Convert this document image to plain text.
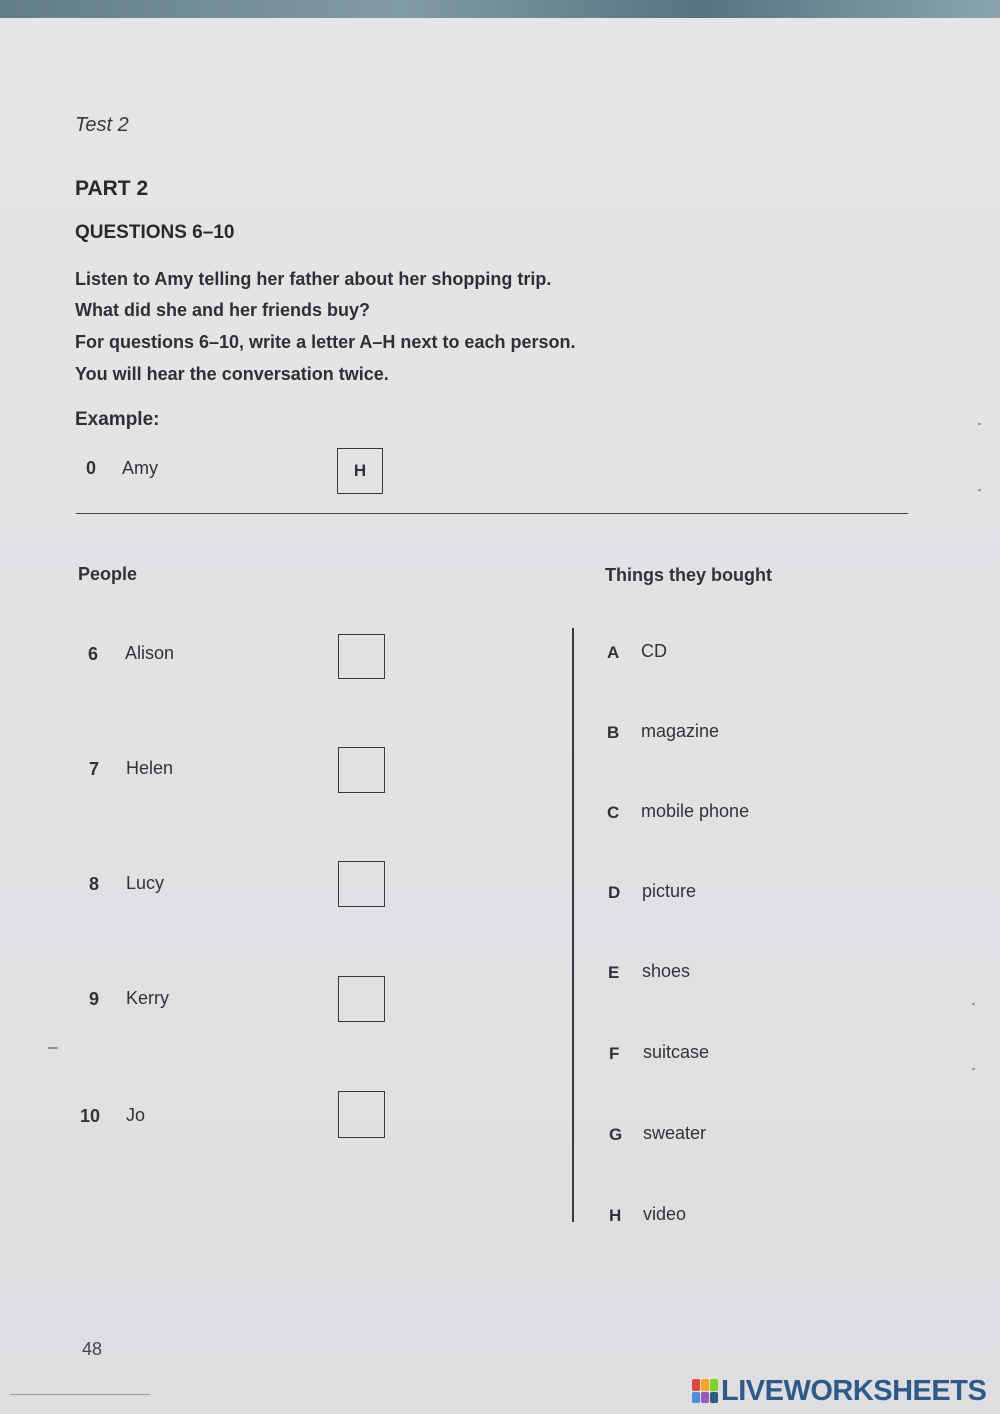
Test 2
PART 2
QUESTIONS 6–10
Listen to Amy telling her father about her shopping trip.
What did she and her friends buy?
For questions 6–10, write a letter A–H next to each person.
You will hear the conversation twice.
Example:
0 Amy	H
People	Things they bought
6 Alison
7 Helen
8 Lucy
9 Kerry
10 Jo
A CD
B magazine
C mobile phone
D picture
E shoes
F suitcase
G sweater
H video
48
LIVEWORKSHEETS
